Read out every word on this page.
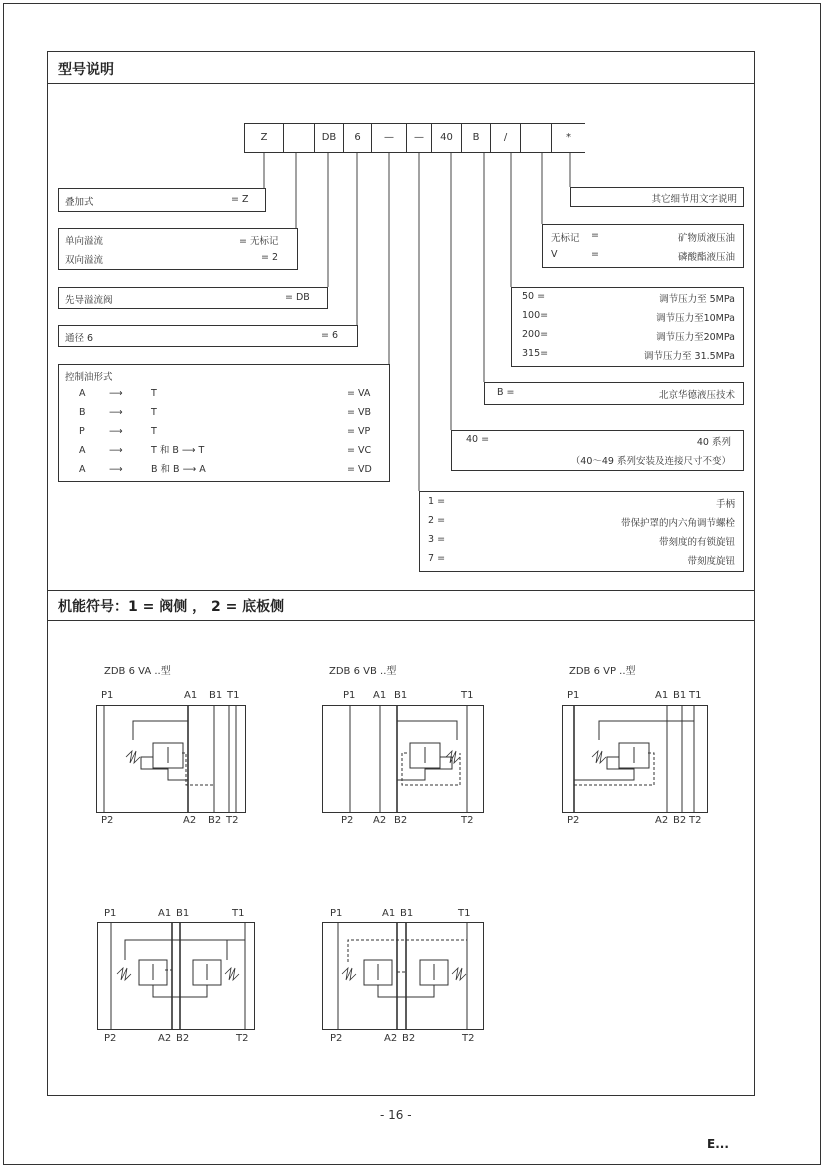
型号说明
机能符号：1 = 阀侧 ， 2 = 底板侧
Z	DB	6	—	—	40	B	/	*
叠加式	= Z
单向溢流	= 无标记
双向溢流	= 2
先导溢流阀	= DB
通径 6	= 6
控制油形式
A ⟶	T	= VA
B ⟶	T	= VB
P	⟶	T	= VP
A ⟶	T 和 B ⟶ T	= VC
A ⟶	B 和 B ⟶ A	= VD
其它细节用文字说明
无标记 =	矿物质液压油
V	=	磷酸酯液压油
50 =	调节压力至 5MPa
100=	调节压力至10MPa
200=	调节压力至20MPa
315=	调节压力至 31.5MPa
B =	北京华德液压技术
40 =	40 系列
（40～49 系列安装及连接尺寸不变）
1 =	手柄
2 =	带保护罩的内六角调节螺栓
3 =	带刻度的有锁旋钮
7 =	带刻度旋钮
ZDB 6 VA ..型
P1	A1 B1 T1
P2	A2 B2 T2
ZDB 6 VB ..型
P1 A1 B1	T1
P2 A2 B2	T2
ZDB 6 VP ..型
P1	A1 B1 T1
P2	A2 B2 T2
P1	A1 B1	T1
P2	A2 B2	T2
P1	A1 B1	T1
P2	A2 B2	T2
- 16 -
E...
